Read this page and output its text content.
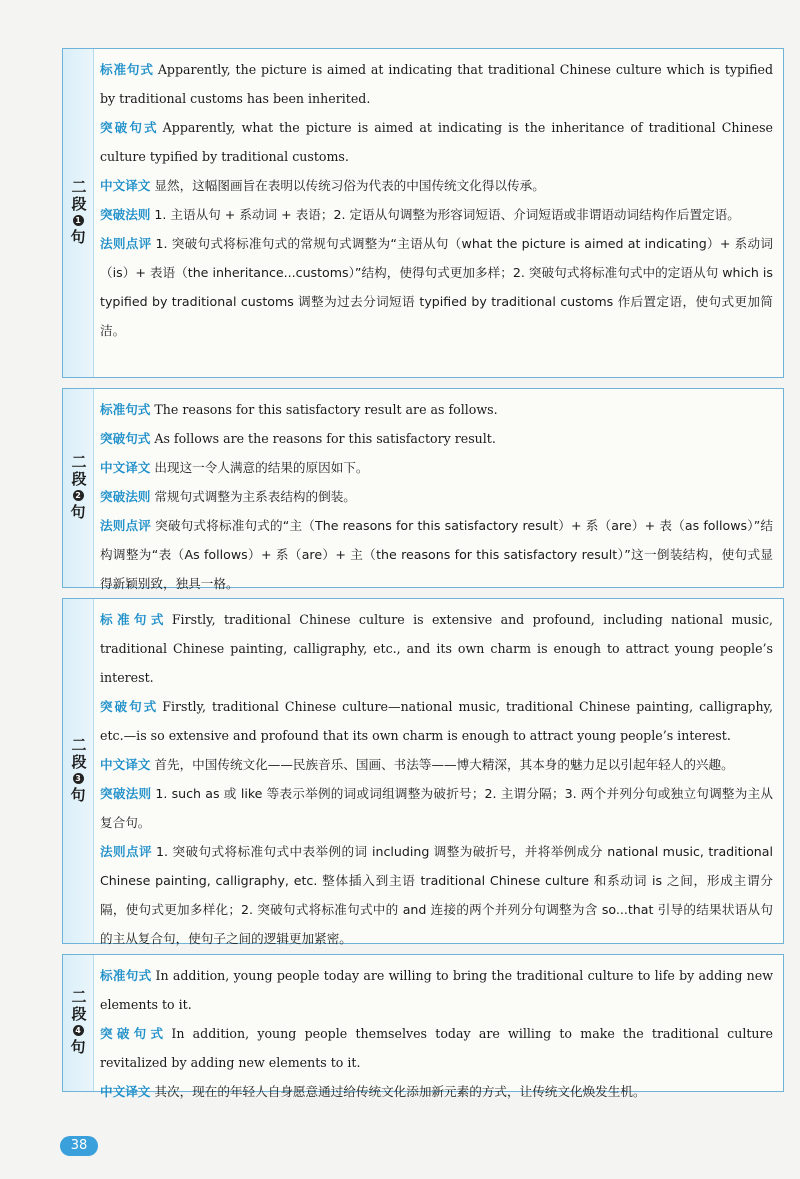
二段
1
句

标准句式 Apparently, the picture is aimed at indicating that traditional Chinese culture which is typified by traditional customs has been inherited.

突破句式 Apparently, what the picture is aimed at indicating is the inheritance of traditional Chinese culture typified by traditional customs.

中文译文 显然，这幅图画旨在表明以传统习俗为代表的中国传统文化得以传承。

突破法则 1. 主语从句 + 系动词 + 表语；2. 定语从句调整为形容词短语、介词短语或非谓语动词结构作后置定语。

法则点评 1. 突破句式将标准句式的常规句式调整为“主语从句（what the picture is aimed at indicating）+ 系动词（is）+ 表语（the inheritance...customs）”结构，使得句式更加多样；2. 突破句式将标准句式中的定语从句 which is typified by traditional customs 调整为过去分词短语 typified by traditional customs 作后置定语，使句式更加简洁。

二段
2
句

标准句式 The reasons for this satisfactory result are as follows.

突破句式 As follows are the reasons for this satisfactory result.

中文译文 出现这一令人满意的结果的原因如下。

突破法则 常规句式调整为主系表结构的倒装。

法则点评 突破句式将标准句式的“主（The reasons for this satisfactory result）+ 系（are）+ 表（as follows）”结构调整为“表（As follows）+ 系（are）+ 主（the reasons for this satisfactory result）”这一倒装结构，使句式显得新颖别致，独具一格。

二段
3
句

标准句式 Firstly, traditional Chinese culture is extensive and profound, including national music, traditional Chinese painting, calligraphy, etc., and its own charm is enough to attract young people’s interest.

突破句式 Firstly, traditional Chinese culture—national music, traditional Chinese painting, calligraphy, etc.—is so extensive and profound that its own charm is enough to attract young people’s interest.

中文译文 首先，中国传统文化——民族音乐、国画、书法等——博大精深，其本身的魅力足以引起年轻人的兴趣。

突破法则 1. such as 或 like 等表示举例的词或词组调整为破折号；2. 主谓分隔；3. 两个并列分句或独立句调整为主从复合句。

法则点评 1. 突破句式将标准句式中表举例的词 including 调整为破折号，并将举例成分 national music, traditional Chinese painting, calligraphy, etc. 整体插入到主语 traditional Chinese culture 和系动词 is 之间，形成主谓分隔，使句式更加多样化；2. 突破句式将标准句式中的 and 连接的两个并列分句调整为含 so...that 引导的结果状语从句的主从复合句，使句子之间的逻辑更加紧密。

二段
4
句

标准句式 In addition, young people today are willing to bring the traditional culture to life by adding new elements to it.

突破句式 In addition, young people themselves today are willing to make the traditional culture revitalized by adding new elements to it.

中文译文 其次，现在的年轻人自身愿意通过给传统文化添加新元素的方式，让传统文化焕发生机。

38
